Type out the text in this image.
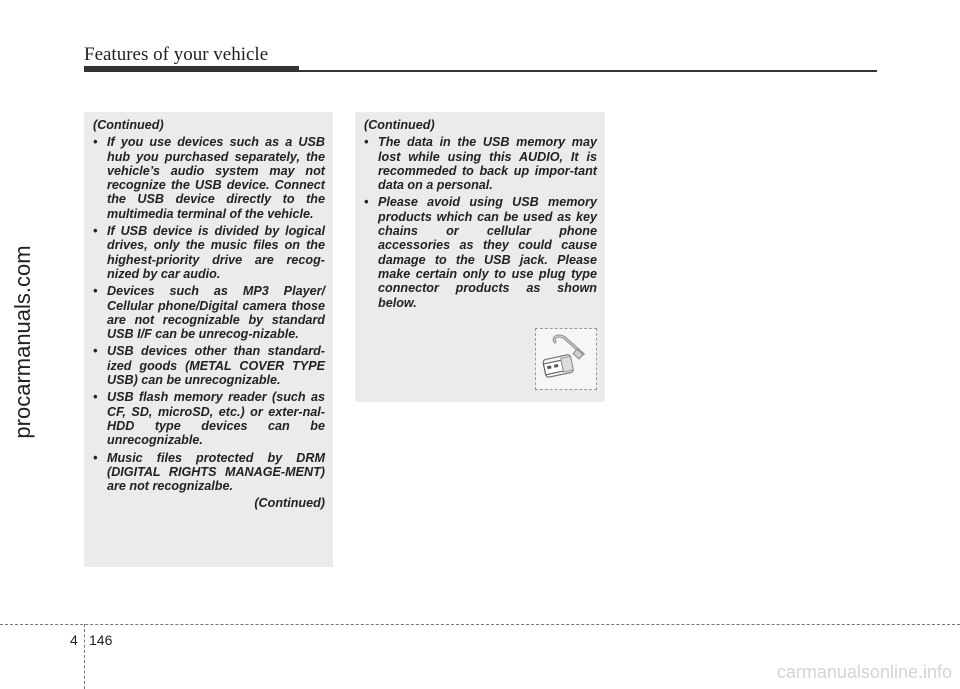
Features of your vehicle
procarmanuals.com

(Continued)

• If you use devices such as a USB hub you purchased separately, the vehicle’s audio system may not recognize the USB device. Connect the USB device directly to the multimedia terminal of the vehicle.
• If USB device is divided by logical drives, only the music files on the highest-priority drive are recog-nized by car audio.
• Devices such as MP3 Player/ Cellular phone/Digital camera those are not recognizable by standard USB I/F can be unrecog-nizable.
• USB devices other than standard-ized goods (METAL COVER TYPE USB) can be unrecognizable.
• USB flash memory reader (such as CF, SD, microSD, etc.) or exter-nal-HDD type devices can be unrecognizable.
• Music files protected by DRM (DIGITAL RIGHTS MANAGE-MENT) are not recognizalbe.

(Continued)

(Continued)

• The data in the USB memory may lost while using this AUDIO, It is recommeded to back up impor-tant data on a personal.
• Please avoid using USB memory products which can be used as key chains or cellular phone accessories as they could cause damage to the USB jack. Please make certain only to use plug type connector products as shown below.
4 146
carmanualsonline.info
